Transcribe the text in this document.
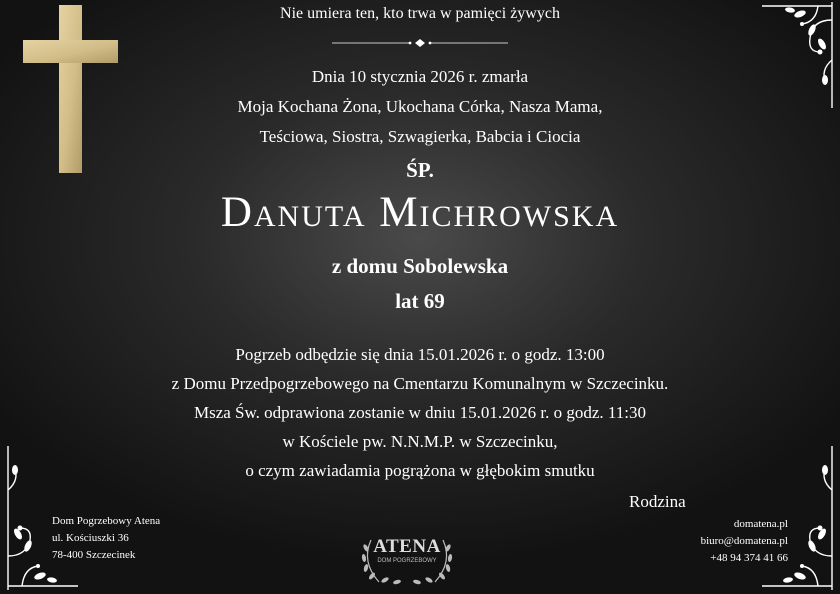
Nie umiera ten, kto trwa w pamięci żywych
Dnia 10 stycznia 2026 r. zmarła
Moja Kochana Żona, Ukochana Córka, Nasza Mama,
Teściowa, Siostra, Szwagierka, Babcia i Ciocia
ŚP.
Danuta Michrowska
z domu Sobolewska
lat 69
Pogrzeb odbędzie się dnia 15.01.2026 r. o godz. 13:00
z Domu Przedpogrzebowego na Cmentarzu Komunalnym w Szczecinku.
Msza Św. odprawiona zostanie w dniu 15.01.2026 r. o godz. 11:30
w Kościele pw. N.N.M.P. w Szczecinku,
o czym zawiadamia pogrążona w głębokim smutku
Rodzina
Dom Pogrzebowy Atena
ul. Kościuszki 36
78-400 Szczecinek
domatena.pl
biuro@domatena.pl
+48 94 374 41 66
ATENA
DOM POGRZEBOWY
